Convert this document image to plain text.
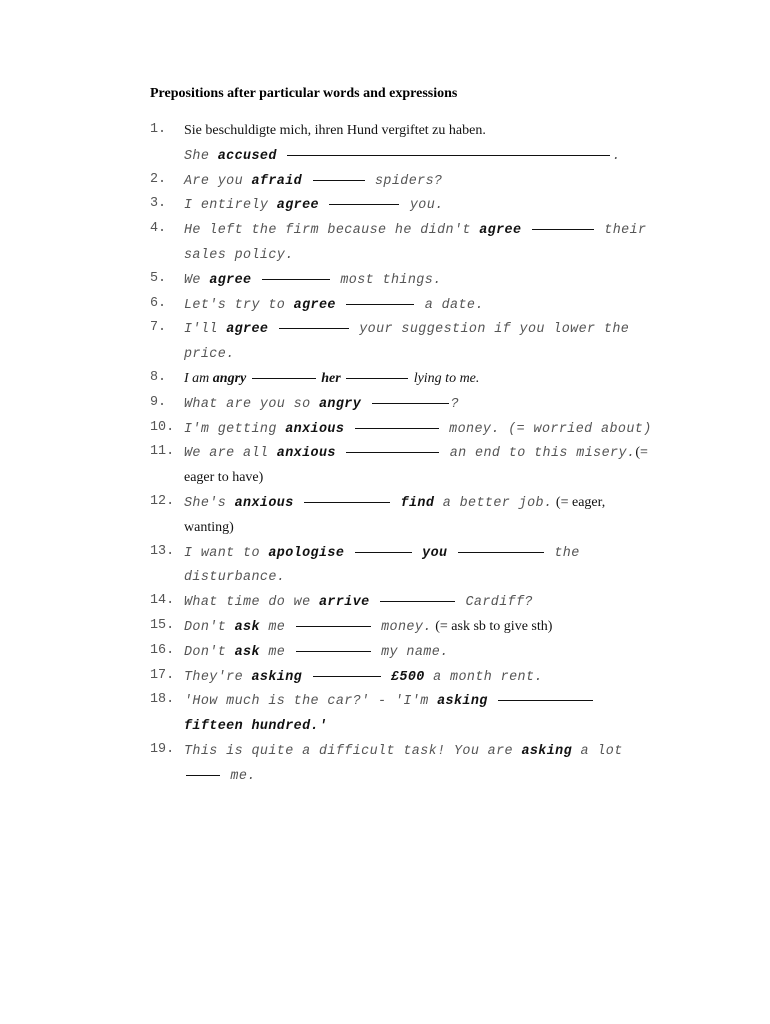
Prepositions after particular words and expressions
1. Sie beschuldigte mich, ihren Hund vergiftet zu haben.
She accused	.
2. Are you afraid	spiders?
3. I entirely agree	you.
4. He left the firm because he didn't agree	their
sales policy.
5. We agree	most things.
6. Let's try to agree	a date.
7. I'll agree	your suggestion if you lower the
price.
8. I am angry	her	lying to me.
9. What are you so angry	?
10. I'm getting anxious	money. (= worried about)
11. We are all anxious	an end to this misery.(=
eager to have)
12. She's anxious	find a better job. (= eager,
wanting)
13. I want to apologise	you	the
disturbance.
14. What time do we arrive	Cardiff?
15. Don't ask me	money. (= ask sb to give sth)
16. Don't ask me	my name.
17. They're asking	£500 a month rent.
18. 'How much is the car?' - 'I'm asking
fifteen hundred.'
19. This is quite a difficult task! You are asking a lot
me.
